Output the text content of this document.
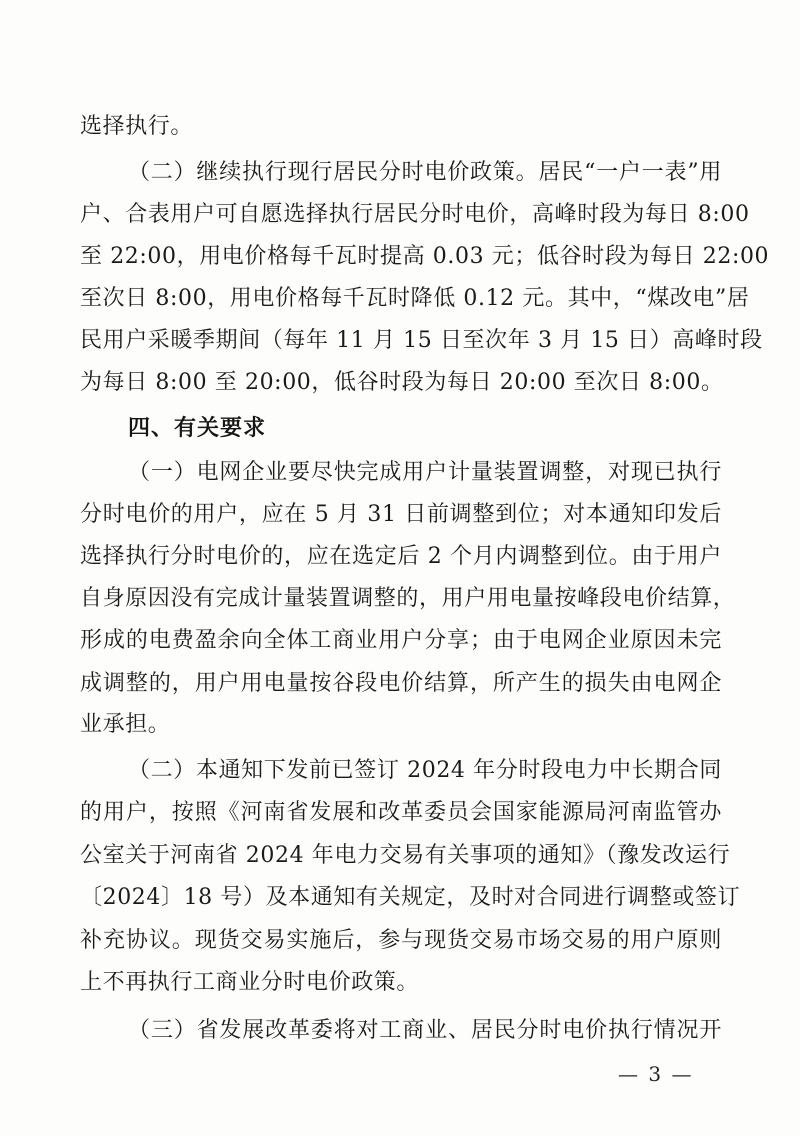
选择执行。
（二）继续执行现行居民分时电价政策。居民“一户一表”用
户、合表用户可自愿选择执行居民分时电价，高峰时段为每日 8:00
至 22:00，用电价格每千瓦时提高 0.03 元；低谷时段为每日 22:00
至次日 8:00，用电价格每千瓦时降低 0.12 元。其中，“煤改电”居
民用户采暖季期间（每年 11 月 15 日至次年 3 月 15 日）高峰时段
为每日 8:00 至 20:00，低谷时段为每日 20:00 至次日 8:00。
四、有关要求
（一）电网企业要尽快完成用户计量装置调整，对现已执行
分时电价的用户，应在 5 月 31 日前调整到位；对本通知印发后
选择执行分时电价的，应在选定后 2 个月内调整到位。由于用户
自身原因没有完成计量装置调整的，用户用电量按峰段电价结算，
形成的电费盈余向全体工商业用户分享；由于电网企业原因未完
成调整的，用户用电量按谷段电价结算，所产生的损失由电网企
业承担。
（二）本通知下发前已签订 2024 年分时段电力中长期合同
的用户，按照《河南省发展和改革委员会国家能源局河南监管办
公室关于河南省 2024 年电力交易有关事项的通知》（豫发改运行
〔2024〕18 号）及本通知有关规定，及时对合同进行调整或签订
补充协议。现货交易实施后，参与现货交易市场交易的用户原则
上不再执行工商业分时电价政策。
（三）省发展改革委将对工商业、居民分时电价执行情况开
— 3 —
